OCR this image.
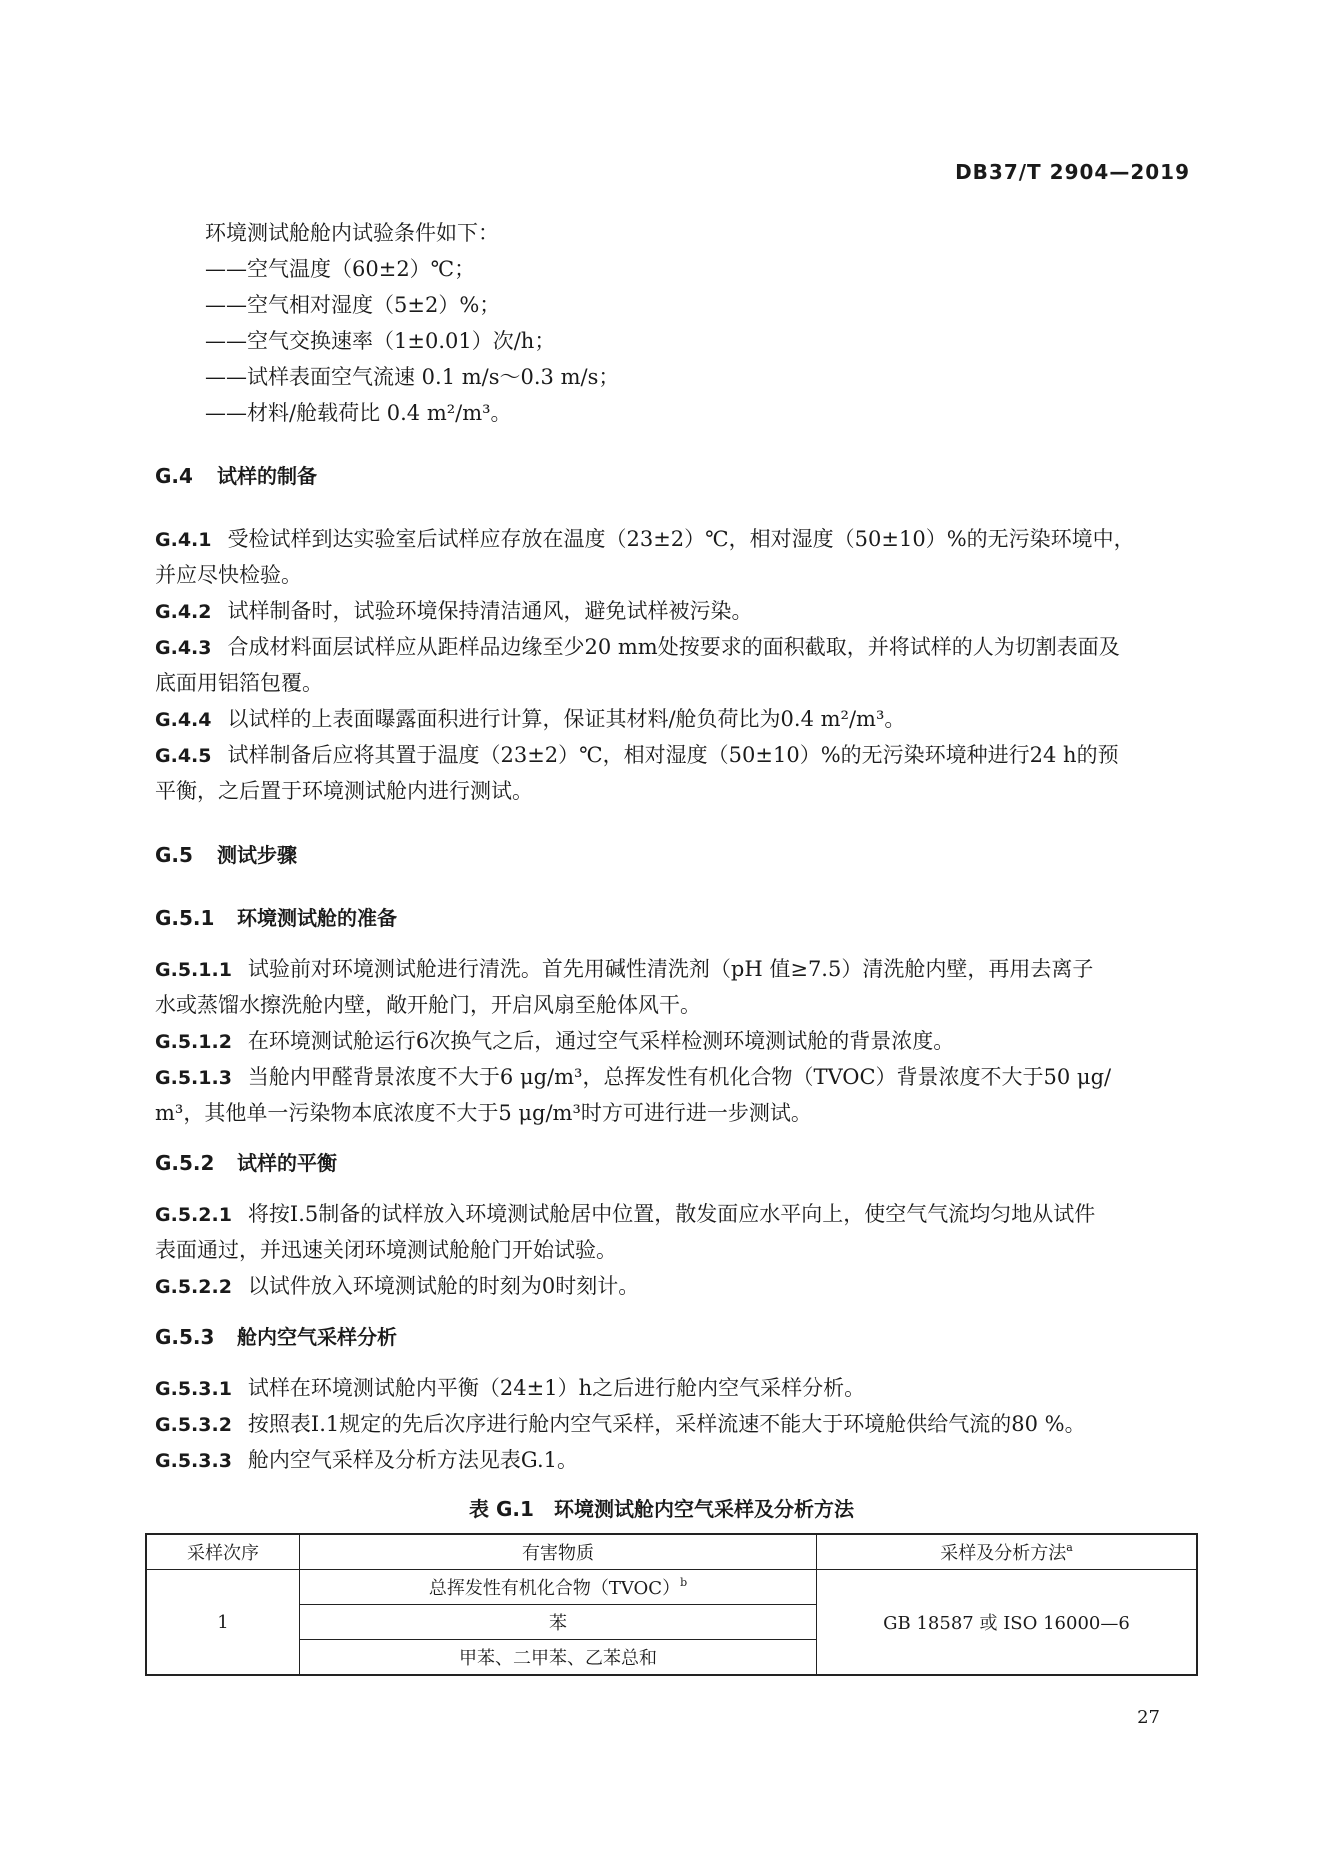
DB37/T 2904—2019
环境测试舱舱内试验条件如下：
——空气温度（60±2）℃；
——空气相对湿度（5±2）%；
——空气交换速率（1±0.01）次/h；
——试样表面空气流速 0.1 m/s～0.3 m/s；
——材料/舱载荷比 0.4 m²/m³。
G.4 试样的制备
G.4.1 受检试样到达实验室后试样应存放在温度（23±2）℃，相对湿度（50±10）%的无污染环境中，
并应尽快检验。
G.4.2 试样制备时，试验环境保持清洁通风，避免试样被污染。
G.4.3 合成材料面层试样应从距样品边缘至少20 mm处按要求的面积截取，并将试样的人为切割表面及
底面用铝箔包覆。
G.4.4 以试样的上表面曝露面积进行计算，保证其材料/舱负荷比为0.4 m²/m³。
G.4.5 试样制备后应将其置于温度（23±2）℃，相对湿度（50±10）%的无污染环境种进行24 h的预
平衡，之后置于环境测试舱内进行测试。
G.5 测试步骤
G.5.1 环境测试舱的准备
G.5.1.1 试验前对环境测试舱进行清洗。首先用碱性清洗剂（pH 值≥7.5）清洗舱内壁，再用去离子
水或蒸馏水擦洗舱内壁，敞开舱门，开启风扇至舱体风干。
G.5.1.2 在环境测试舱运行6次换气之后，通过空气采样检测环境测试舱的背景浓度。
G.5.1.3 当舱内甲醛背景浓度不大于6 μg/m³，总挥发性有机化合物（TVOC）背景浓度不大于50 μg/
m³，其他单一污染物本底浓度不大于5 μg/m³时方可进行进一步测试。
G.5.2 试样的平衡
G.5.2.1 将按I.5制备的试样放入环境测试舱居中位置，散发面应水平向上，使空气气流均匀地从试件
表面通过，并迅速关闭环境测试舱舱门开始试验。
G.5.2.2 以试件放入环境测试舱的时刻为0时刻计。
G.5.3 舱内空气采样分析
G.5.3.1 试样在环境测试舱内平衡（24±1）h之后进行舱内空气采样分析。
G.5.3.2 按照表I.1规定的先后次序进行舱内空气采样，采样流速不能大于环境舱供给气流的80 %。
G.5.3.3 舱内空气采样及分析方法见表G.1。
表 G.1　环境测试舱内空气采样及分析方法
采样次序	有害物质	采样及分析方法$^a$
1	总挥发性有机化合物（TVOC）$^b$	GB 18587 或 ISO 16000—6
	苯	
	甲苯、二甲苯、乙苯总和	
27
